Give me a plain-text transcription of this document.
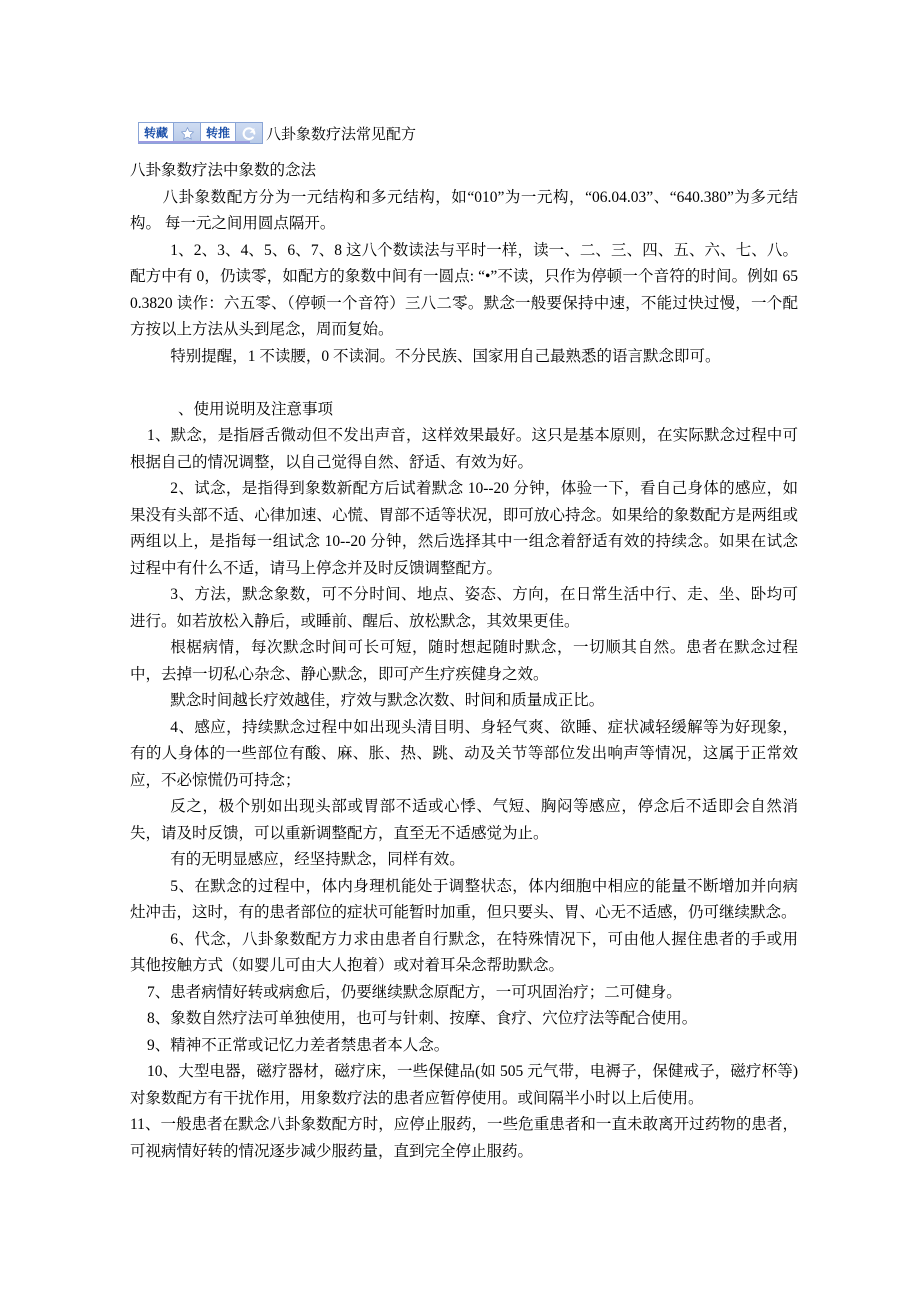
转藏	转推	八卦象数疗法常见配方

八卦象数疗法中象数的念法

八卦象数配方分为一元结构和多元结构，如“010”为一元构，“06.04.03”、“640.380”为多元结构。 每一元之间用圆点隔开。

1、2、3、4、5、6、7、8 这八个数读法与平时一样，读一、二、三、四、五、六、七、八。配方中有 0，仍读零，如配方的象数中间有一圆点: “•”不读，只作为停顿一个音符的时间。例如 650.3820 读作：六五零、（停顿一个音符）三八二零。默念一般要保持中速，不能过快过慢，一个配方按以上方法从头到尾念，周而复始。

特别提醒，1 不读腰，0 不读洞。不分民族、国家用自己最熟悉的语言默念即可。

、使用说明及注意事项

1、默念，是指唇舌微动但不发出声音，这样效果最好。这只是基本原则，在实际默念过程中可根据自己的情况调整，以自己觉得自然、舒适、有效为好。

2、试念，是指得到象数新配方后试着默念 10--20 分钟，体验一下，看自己身体的感应，如果没有头部不适、心律加速、心慌、胃部不适等状况，即可放心持念。如果给的象数配方是两组或两组以上，是指每一组试念 10--20 分钟，然后选择其中一组念着舒适有效的持续念。如果在试念过程中有什么不适，请马上停念并及时反馈调整配方。

3、方法，默念象数，可不分时间、地点、姿态、方向，在日常生活中行、走、坐、卧均可进行。如若放松入静后，或睡前、醒后、放松默念，其效果更佳。

根椐病情，每次默念时间可长可短，随时想起随时默念，一切顺其自然。患者在默念过程中，去掉一切私心杂念、静心默念，即可产生疗疾健身之效。

默念时间越长疗效越佳，疗效与默念次数、时间和质量成正比。

4、感应，持续默念过程中如出现头清目明、身轻气爽、欲睡、症状减轻缓解等为好现象，有的人身体的一些部位有酸、麻、胀、热、跳、动及关节等部位发出响声等情况，这属于正常效应，不必惊慌仍可持念；

反之，极个别如出现头部或胃部不适或心悸、气短、胸闷等感应，停念后不适即会自然消失，请及时反馈，可以重新调整配方，直至无不适感觉为止。

有的无明显感应，经坚持默念，同样有效。

5、在默念的过程中，体内身理机能处于调整状态，体内细胞中相应的能量不断增加并向病灶冲击，这时，有的患者部位的症状可能暂时加重，但只要头、胃、心无不适感，仍可继续默念。

6、代念，八卦象数配方力求由患者自行默念，在特殊情况下，可由他人握住患者的手或用其他按触方式（如婴儿可由大人抱着）或对着耳朵念帮助默念。

7、患者病情好转或病愈后，仍要继续默念原配方，一可巩固治疗；二可健身。

8、象数自然疗法可单独使用，也可与针刺、按摩、食疗、穴位疗法等配合使用。

9、精神不正常或记忆力差者禁患者本人念。

10、大型电器，磁疗器材，磁疗床，一些保健品(如 505 元气带，电褥子，保健戒子，磁疗杯等)对象数配方有干扰作用，用象数疗法的患者应暂停使用。或间隔半小时以上后使用。

11、一般患者在默念八卦象数配方时，应停止服药，一些危重患者和一直未敢离开过药物的患者，可视病情好转的情况逐步减少服药量，直到完全停止服药。
